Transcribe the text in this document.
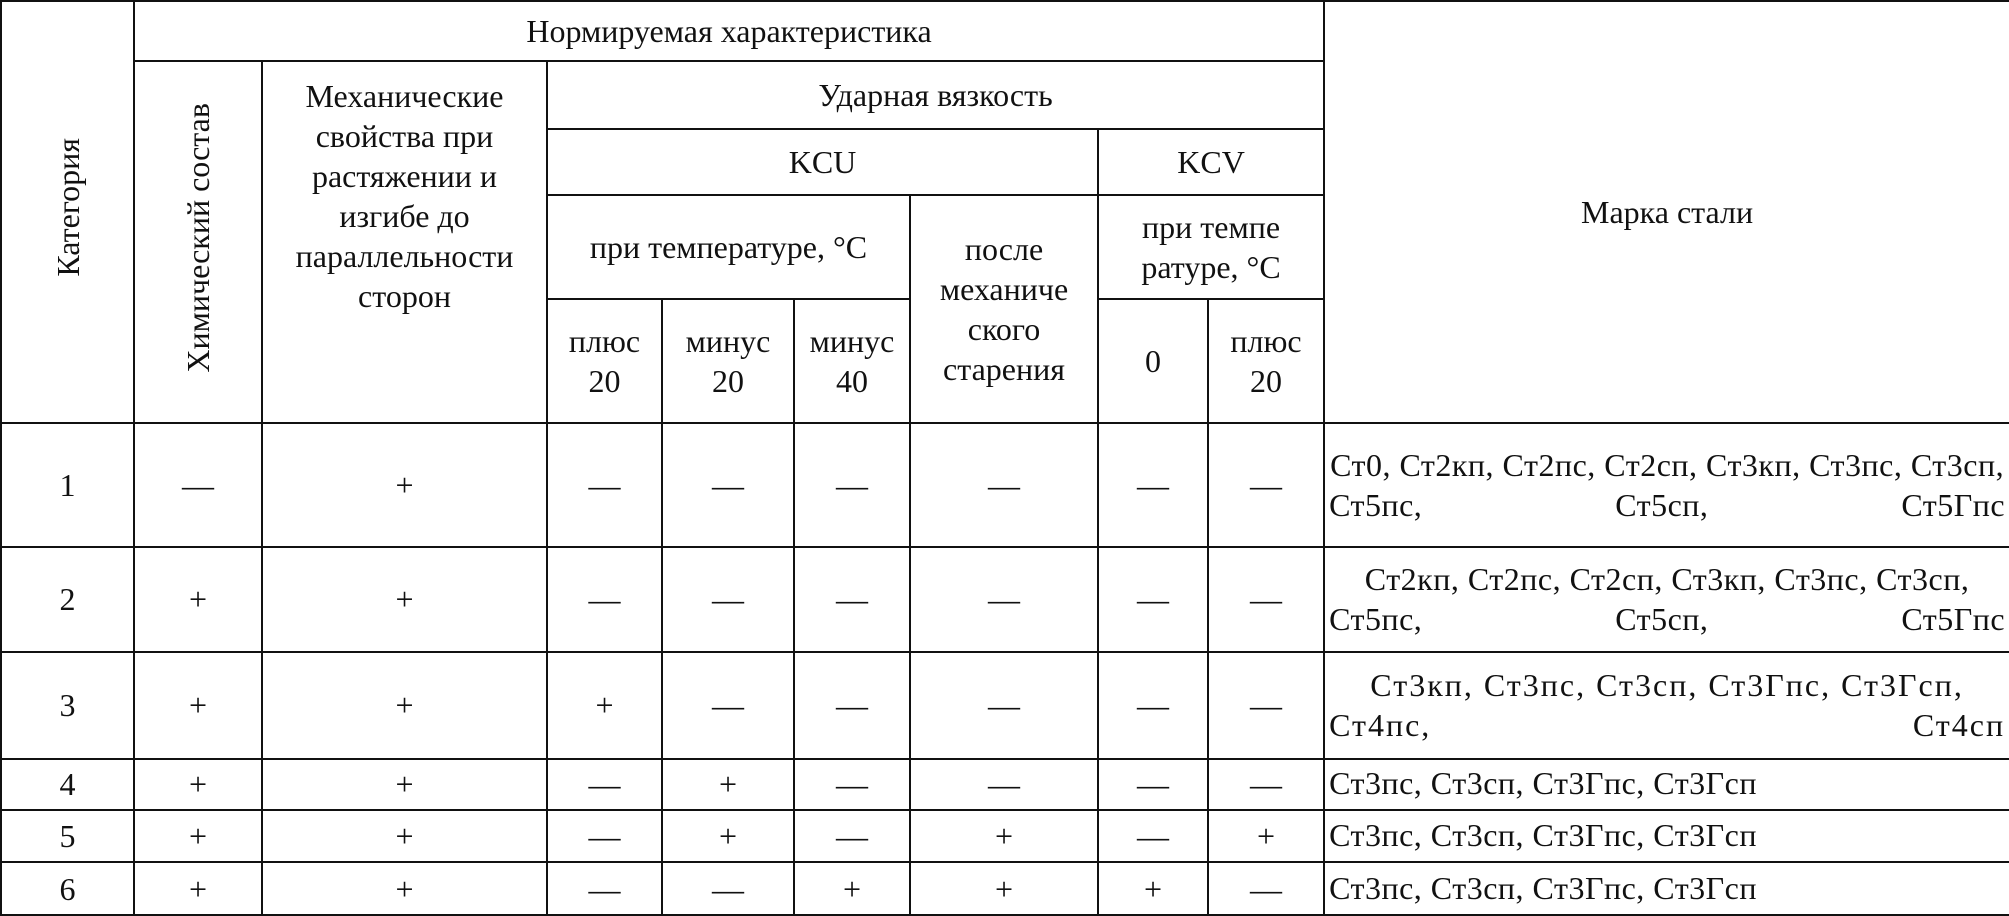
Категория	Нормируемая характеристика								Марка стали
	Химический состав	Механические свойства при растяжении и изгибе до параллельности сторон	Ударная вязкость						
			KCU				KCV		
			при температуре, °С			после механиче ского старения	при темпе ратуре, °С		
			плюс 20	минус 20	минус 40		0	плюс 20	

1	—	+	—	—	—	—	—	—	Ст0, Ст2кп, Ст2пс, Ст2сп, Ст3кп, Ст3пс, Ст3сп, Ст5пс, Ст5сп, Ст5Гпс
2	+	+	—	—	—	—	—	—	Ст2кп, Ст2пс, Ст2сп, Ст3кп, Ст3пс, Ст3сп, Ст5пс, Ст5сп, Ст5Гпс
3	+	+	+	—	—	—	—	—	Ст3кп, Ст3пс, Ст3сп, Ст3Гпс, Ст3Гсп, Ст4пс, Ст4сп
4	+	+	—	+	—	—	—	—	Ст3пс, Ст3сп, Ст3Гпс, Ст3Гсп
5	+	+	—	+	—	+	—	+	Ст3пс, Ст3сп, Ст3Гпс, Ст3Гсп
6	+	+	—	—	+	+	+	—	Ст3пс, Ст3сп, Ст3Гпс, Ст3Гсп
